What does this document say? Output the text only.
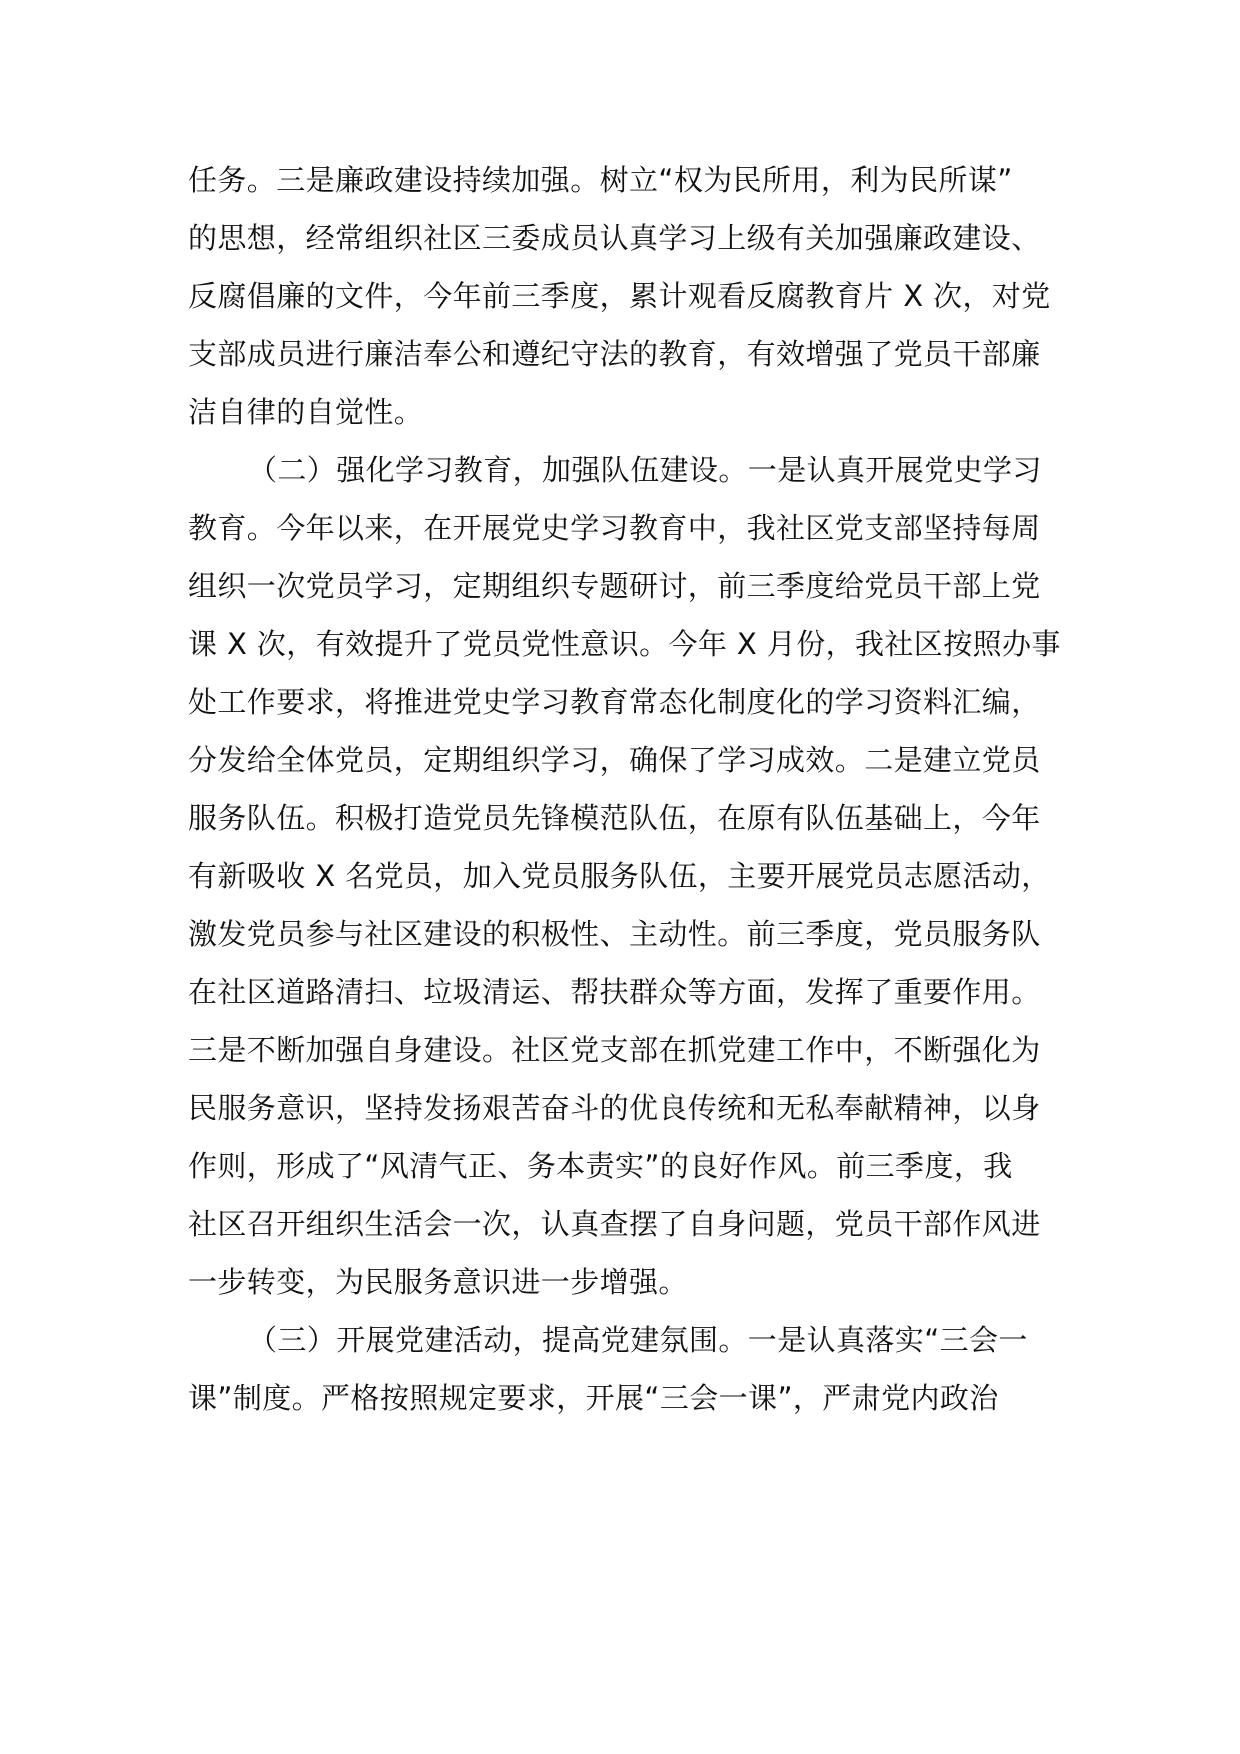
任务。三是廉政建设持续加强。树立“权为民所用，利为民所谋”
的思想，经常组织社区三委成员认真学习上级有关加强廉政建设、
反腐倡廉的文件，今年前三季度，累计观看反腐教育片 X 次，对党
支部成员进行廉洁奉公和遵纪守法的教育，有效增强了党员干部廉
洁自律的自觉性。
（二）强化学习教育，加强队伍建设。一是认真开展党史学习
教育。今年以来，在开展党史学习教育中，我社区党支部坚持每周
组织一次党员学习，定期组织专题研讨，前三季度给党员干部上党
课 X 次，有效提升了党员党性意识。今年 X 月份，我社区按照办事
处工作要求，将推进党史学习教育常态化制度化的学习资料汇编，
分发给全体党员，定期组织学习，确保了学习成效。二是建立党员
服务队伍。积极打造党员先锋模范队伍，在原有队伍基础上，今年
有新吸收 X 名党员，加入党员服务队伍，主要开展党员志愿活动，
激发党员参与社区建设的积极性、主动性。前三季度，党员服务队
在社区道路清扫、垃圾清运、帮扶群众等方面，发挥了重要作用。
三是不断加强自身建设。社区党支部在抓党建工作中，不断强化为
民服务意识，坚持发扬艰苦奋斗的优良传统和无私奉献精神，以身
作则，形成了“风清气正、务本责实”的良好作风。前三季度，我
社区召开组织生活会一次，认真查摆了自身问题，党员干部作风进
一步转变，为民服务意识进一步增强。
（三）开展党建活动，提高党建氛围。一是认真落实“三会一
课”制度。严格按照规定要求，开展“三会一课”，严肃党内政治
